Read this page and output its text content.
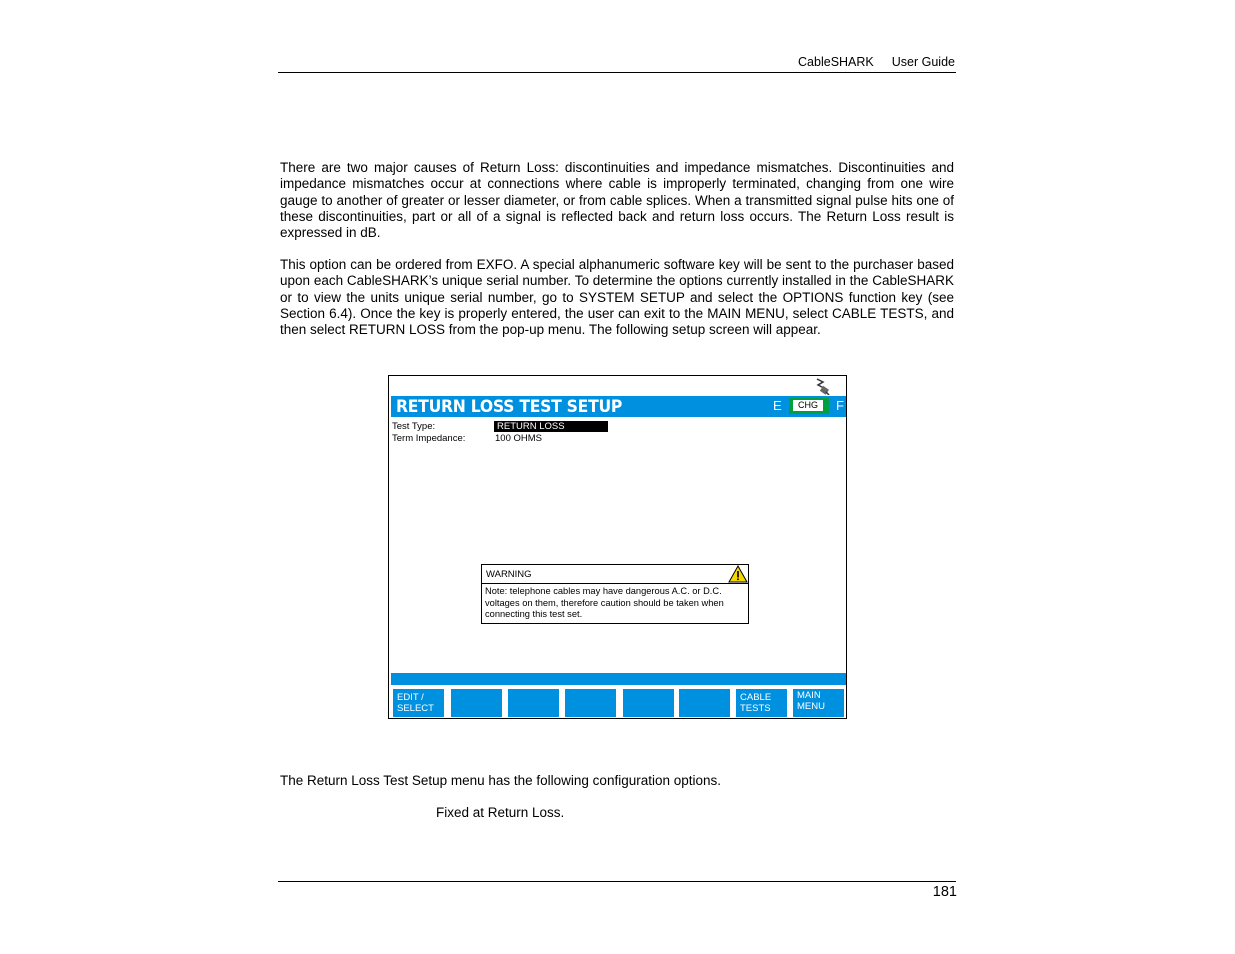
CableSHARK User Guide
There are two major causes of Return Loss: discontinuities and impedance mismatches. Discontinuities and impedance mismatches occur at connections where cable is improperly terminated, changing from one wire gauge to another of greater or lesser diameter, or from cable splices. When a transmitted signal pulse hits one of these discontinuities, part or all of a signal is reflected back and return loss occurs. The Return Loss result is expressed in dB.
This option can be ordered from EXFO. A special alphanumeric software key will be sent to the purchaser based upon each CableSHARK’s unique serial number. To determine the options currently installed in the CableSHARK or to view the units unique serial number, go to SYSTEM SETUP and select the OPTIONS function key (see Section 6.4). Once the key is properly entered, the user can exit to the MAIN MENU, select CABLE TESTS, and then select RETURN LOSS from the pop-up menu. The following setup screen will appear.
RETURN LOSS TEST SETUP	E	CHG	F
Test Type:	RETURN LOSS
Term Impedance:	100 OHMS
WARNING
Note: telephone cables may have dangerous A.C. or D.C. voltages on them, therefore caution should be taken when connecting this test set.
EDIT /
SELECT
CABLE
TESTS
MAIN
MENU
The Return Loss Test Setup menu has the following configuration options.
Fixed at Return Loss.
181
